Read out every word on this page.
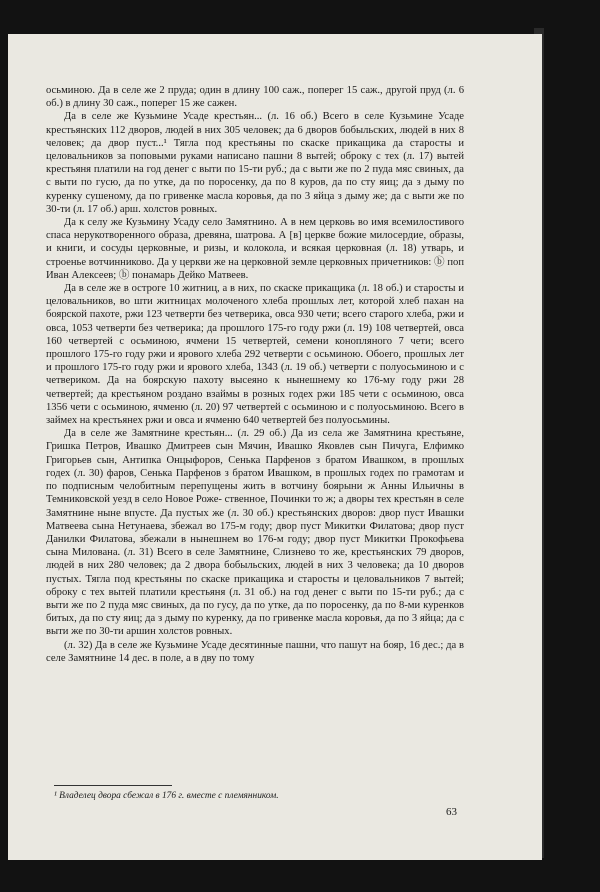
осьминою. Да в селе же 2 пруда; один в длину 100 саж., поперег 15 саж., другой пруд (л. 6 об.) в длину 30 саж., поперег 15 же сажен.

Да в селе же Кузьмине Усаде крестьян... (л. 16 об.) Всего в селе Кузьмине Усаде крестьянских 112 дворов, людей в них 305 человек; да 6 дворов бобыльских, людей в них 8 человек; да двор пуст...¹ Тягла под крестьяны по скаске прикащика да старосты и целовальников за поповыми руками написано пашни 8 вытей; оброку с тех (л. 17) вытей крестьяня платили на год денег с выти по 15-ти руб.; да с выти же по 2 пуда мяс свиных, да с выти по гусю, да по утке, да по поросенку, да по 8 куров, да по сту яиц; да з дыму по куренку сушеному, да по гривенке масла коровья, да по 3 яйца з дыму же; да с выти же по 30-ти (л. 17 об.) арш. холстов ровных.

Да к селу же Кузьмину Усаду село Замятнино. А в нем церковь во имя всемилостивого спаса нерукотворенного образа, древяна, шатрова. А [в] церкве божие милосердие, образы, и книги, и сосуды церковные, и ризы, и колокола, и всякая церковная (л. 18) утварь, и строенье вотчинниково. Да у церкви же на церковной земле церковных причетников: ⓑ поп Иван Алексеев; ⓑ понамарь Дейко Матвеев.

Да в селе же в остроге 10 житниц, а в них, по скаске прикащика (л. 18 об.) и старосты и целовальников, во шти житницах молоченого хлеба прошлых лет, которой хлеб пахан на боярской пахоте, ржи 123 четверти без четверика, овса 930 чети; всего старого хлеба, ржи и овса, 1053 четверти без четверика; да прошлого 175-го году ржи (л. 19) 108 четвертей, овса 160 четвертей с осьминою, ячмени 15 четвертей, семени конопляного 7 чети; всего прошлого 175-го году ржи и ярового хлеба 292 четверти с осьминою. Обоего, прошлых лет и прошлого 175-го году ржи и ярового хлеба, 1343 (л. 19 об.) четверти с полуосьминою и с четвериком. Да на боярскую пахоту высеяно к нынешнему ко 176-му году ржи 28 четвертей; да крестьяном роздано взаймы в розных годех ржи 185 чети с осьминою, овса 1356 чети с осьминою, ячменю (л. 20) 97 четвертей с осьминою и с полуосьминою. Всего в займех на крестьянех ржи и овса и ячменю 640 четвертей без полуосьмины.

Да в селе же Замятнине крестьян... (л. 29 об.) Да из села же Замятнина крестьяне, Гришка Петров, Ивашко Дмитреев сын Мячин, Ивашко Яковлев сын Пичуга, Елфимко Григорьев сын, Антипка Онцыфоров, Сенька Парфенов з братом Ивашком, в прошлых годех (л. 30) фаров, Сенька Парфенов з братом Ивашком, в прошлых годех по грамотам и по подписным челобитным перепущены жить в вотчину боярыни ж Анны Ильичны в Темниковской уезд в село Новое Роже- ственное, Починки то ж; а дворы тех крестьян в селе Замятнине ныне впусте. Да пустых же (л. 30 об.) крестьянских дворов: двор пуст Ивашки Матвеева сына Нетунаева, збежал во 175-м году; двор пуст Микитки Филатова; двор пуст Данилки Филатова, збежали в нынешнем во 176-м году; двор пуст Микитки Прокофьева сына Милована. (л. 31) Всего в селе Замятнине, Слизнево то же, крестьянских 79 дворов, людей в них 280 человек; да 2 двора бобыльских, людей в них 3 человека; да 10 дворов пустых. Тягла под крестьяны по скаске прикащика и старосты и целовальников 7 вытей; оброку с тех вытей платили крестьяня (л. 31 об.) на год денег с выти по 15-ти руб.; да с выти же по 2 пуда мяс свиных, да по гусу, да по утке, да по поросенку, да по 8-ми куренков битых, да по сту яиц; да з дыму по куренку, да по гривенке масла коровья, да по 3 яйца; да с выти же по 30-ти аршин холстов ровных.

(л. 32) Да в селе же Кузьмине Усаде десятинные пашни, что пашут на бояр, 16 дес.; да в селе Замятнине 14 дес. в поле, а в дву по тому

¹ Владелец двора сбежал в 176 г. вместе с племянником.
63
